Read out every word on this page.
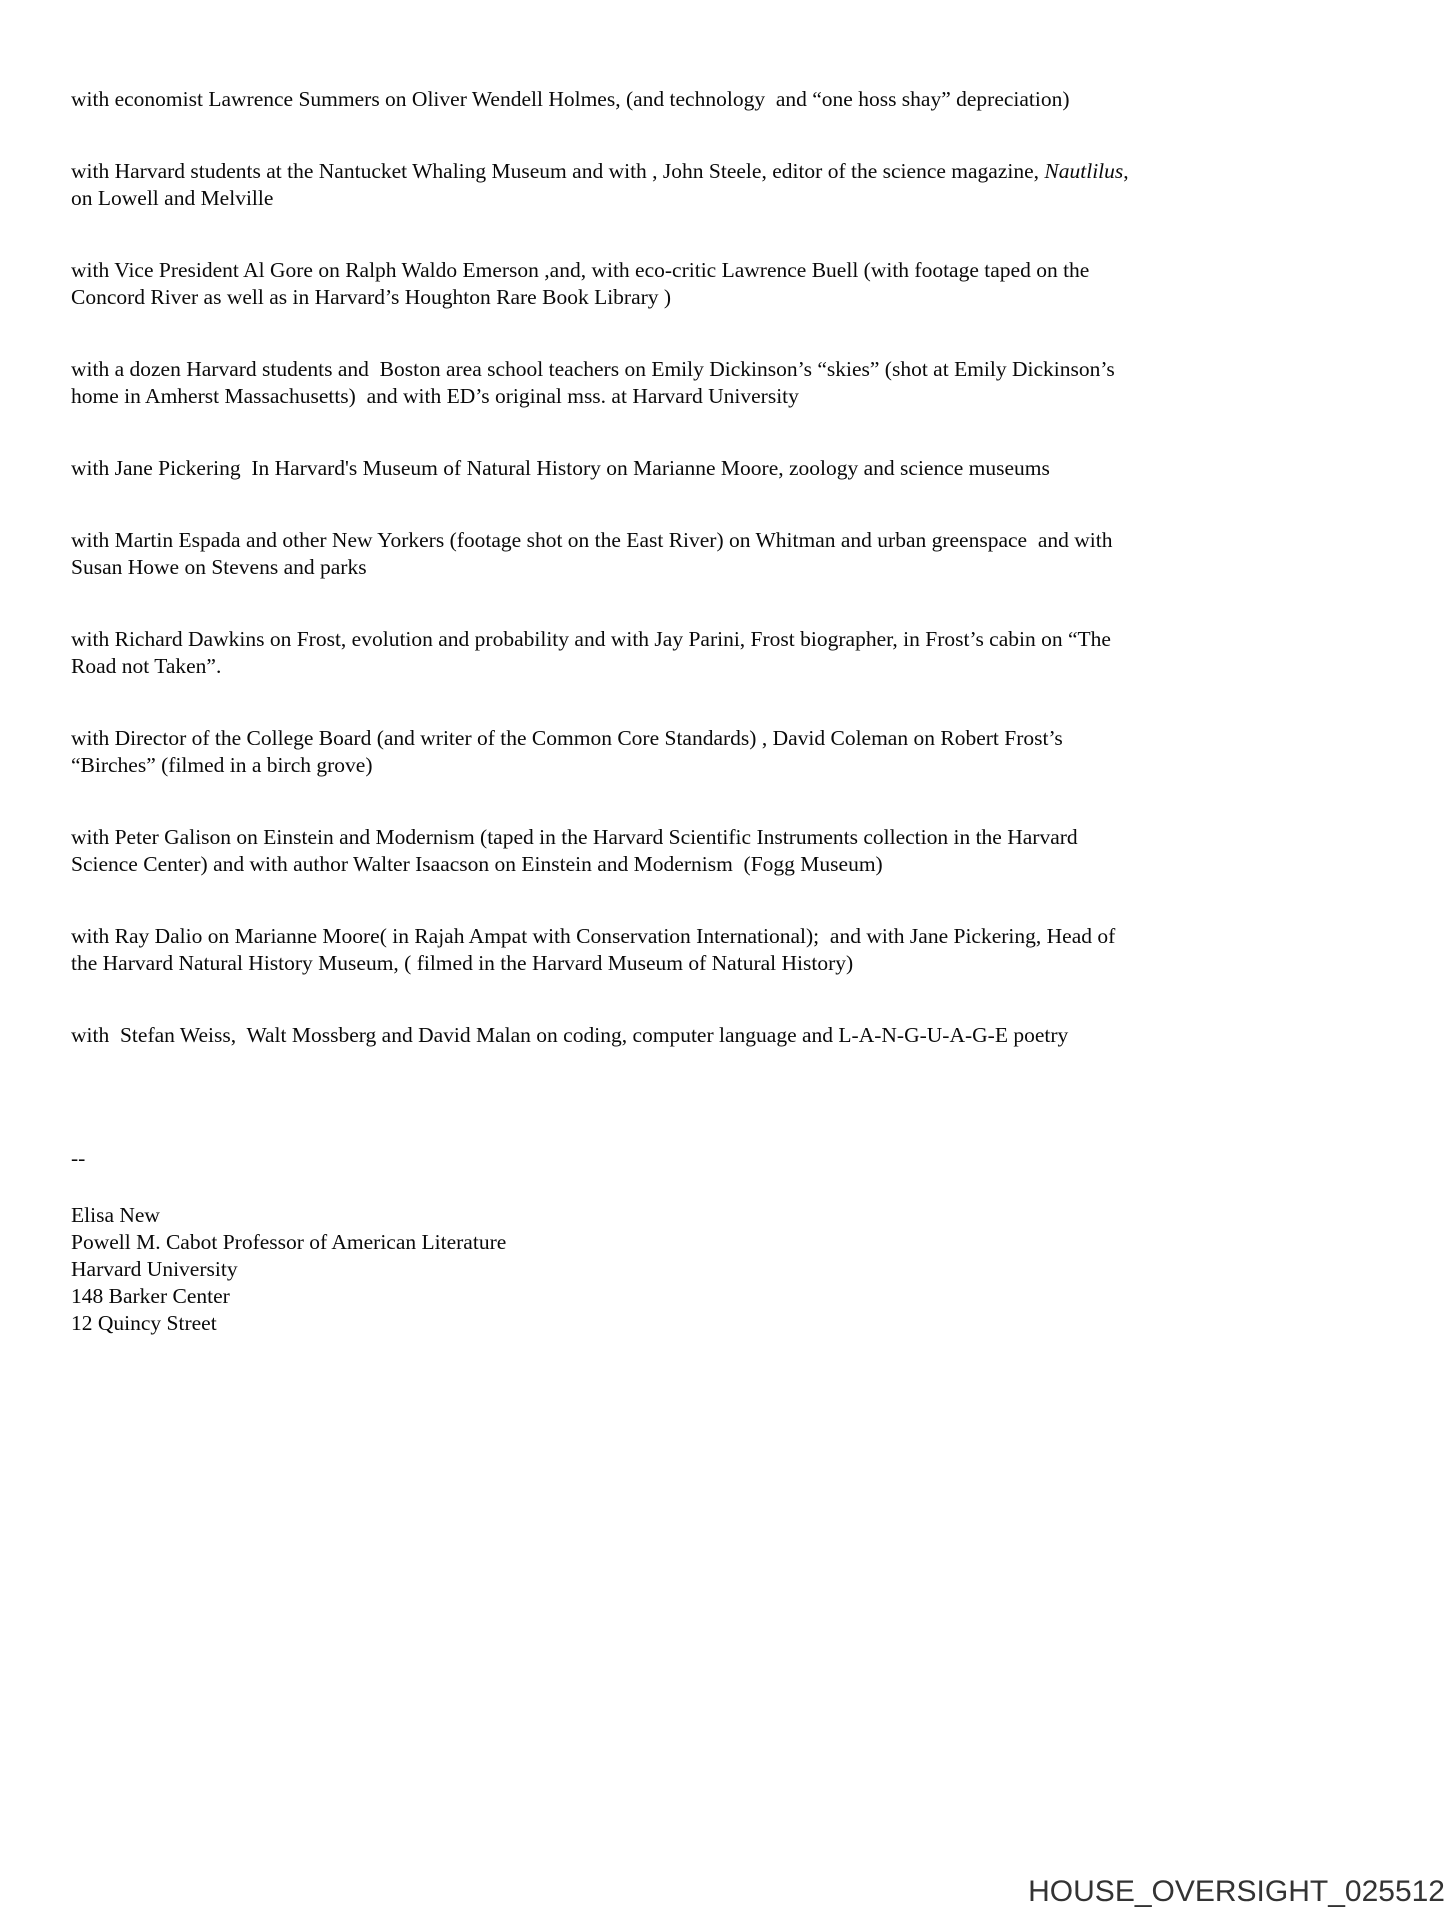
with economist Lawrence Summers on Oliver Wendell Holmes, (and technology  and “one hoss shay” depreciation)

with Harvard students at the Nantucket Whaling Museum and with , John Steele, editor of the science magazine, Nautlilus, on Lowell and Melville

with Vice President Al Gore on Ralph Waldo Emerson ,and, with eco-critic Lawrence Buell (with footage taped on the Concord River as well as in Harvard’s Houghton Rare Book Library )

with a dozen Harvard students and  Boston area school teachers on Emily Dickinson’s “skies” (shot at Emily Dickinson’s home in Amherst Massachusetts)  and with ED’s original mss. at Harvard University

with Jane Pickering  In Harvard's Museum of Natural History on Marianne Moore, zoology and science museums

with Martin Espada and other New Yorkers (footage shot on the East River) on Whitman and urban greenspace  and with Susan Howe on Stevens and parks

with Richard Dawkins on Frost, evolution and probability and with Jay Parini, Frost biographer, in Frost’s cabin on “The Road not Taken”.

with Director of the College Board (and writer of the Common Core Standards) , David Coleman on Robert Frost’s “Birches” (filmed in a birch grove)

with Peter Galison on Einstein and Modernism (taped in the Harvard Scientific Instruments collection in the Harvard Science Center) and with author Walter Isaacson on Einstein and Modernism  (Fogg Museum)

with Ray Dalio on Marianne Moore( in Rajah Ampat with Conservation International);  and with Jane Pickering, Head of the Harvard Natural History Museum, ( filmed in the Harvard Museum of Natural History)

with  Stefan Weiss,  Walt Mossberg and David Malan on coding, computer language and L-A-N-G-U-A-G-E poetry

--

Elisa New
Powell M. Cabot Professor of American Literature
Harvard University
148 Barker Center
12 Quincy Street
HOUSE_OVERSIGHT_025512
